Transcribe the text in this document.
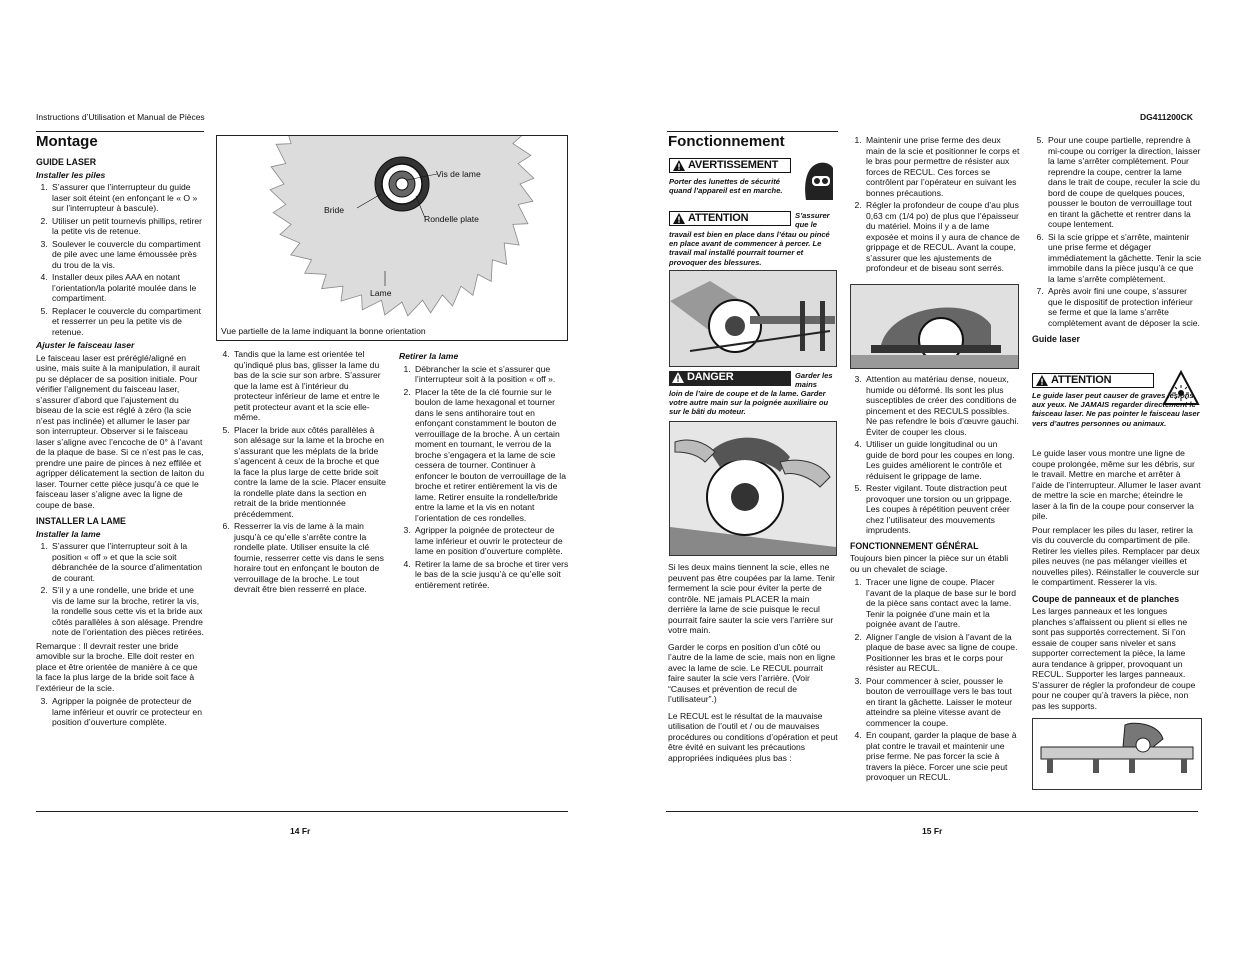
Instructions d’Utilisation et Manual de Pièces	DG411200CK
Montage
GUIDE LASER
Installer les piles
1. S’assurer que l’interrupteur du guide laser soit éteint (en enfonçant le « O » sur l’interrupteur à bascule).
2. Utiliser un petit tournevis phillips, retirer la petite vis de retenue.
3. Soulever le couvercle du compartiment de pile avec une lame émoussée près du trou de la vis.
4. Installer deux piles AAA en notant l’orientation/la polarité moulée dans le compartiment.
5. Replacer le couvercle du compartiment et resserrer un peu la petite vis de retenue.
Ajuster le faisceau laser

Le faisceau laser est préréglé/aligné en usine, mais suite à la manipulation, il aurait pu se déplacer de sa position initiale. Pour vérifier l’alignement du faisceau laser, s’assurer d’abord que l’ajustement du biseau de la scie est réglé à zéro (la scie n’est pas inclinée) et allumer le laser par son interrupteur. Observer si le faisceau laser s’aligne avec l’encoche de 0° à l’avant de la plaque de base. Si ce n’est pas le cas, prendre une paire de pinces à nez effilée et agripper délicatement la section de laiton du laser. Tourner cette pièce jusqu’à ce que le faisceau laser s’aligne avec la ligne de coupe de base.

INSTALLER LA LAME
Installer la lame
1. S’assurer que l’interrupteur soit à la position « off » et que la scie soit débranchée de la source d’alimentation de courant.
2. S’il y a une rondelle, une bride et une vis de lame sur la broche, retirer la vis, la rondelle sous cette vis et la bride aux côtés parallèles à son alésage. Prendre note de l’orientation des pièces retirées.

Remarque : Il devrait rester une bride amovible sur la broche. Elle doit rester en place et être orientée de manière à ce que la face la plus large de la bride soit face à l’extérieur de la scie.

3. Agripper la poignée de protecteur de lame inférieur et ouvrir ce protecteur en position d’ouverture complète.
Vis de lame
Bride
Rondelle plate
Lame
Vue partielle de la lame indiquant la bonne orientation
4. Tandis que la lame est orientée tel qu’indiqué plus bas, glisser la lame du bas de la scie sur son arbre. S’assurer que la lame est à l’intérieur du protecteur inférieur de lame et entre le petit protecteur avant et la scie elle-même.
5. Placer la bride aux côtés parallèles à son alésage sur la lame et la broche en s’assurant que les méplats de la bride s’agencent à ceux de la broche et que la face la plus large de cette bride soit contre la lame de la scie. Placer ensuite la rondelle plate dans la section en retrait de la bride mentionnée précédemment.
6. Resserrer la vis de lame à la main jusqu’à ce qu’elle s’arrête contre la rondelle plate. Utiliser ensuite la clé fournie, resserrer cette vis dans le sens horaire tout en enfonçant le bouton de verrouillage de la broche. Le tout devrait être bien resserré en place.
Retirer la lame
1. Débrancher la scie et s’assurer que l’interrupteur soit à la position « off ».
2. Placer la tête de la clé fournie sur le boulon de lame hexagonal et tourner dans le sens antihoraire tout en enfonçant constamment le bouton de verrouillage de la broche. À un certain moment en tournant, le verrou de la broche s’engagera et la lame de scie cessera de tourner. Continuer à enfoncer le bouton de verrouillage de la broche et retirer entièrement la vis de lame. Retirer ensuite la rondelle/bride entre la lame et la vis en notant l’orientation de ces rondelles.
3. Agripper la poignée de protecteur de lame inférieur et ouvrir le protecteur de lame en position d’ouverture complète.
4. Retirer la lame de sa broche et tirer vers le bas de la scie jusqu’à ce qu’elle soit entièrement retirée.
14 Fr
Fonctionnement
AVERTISSEMENT
Porter des lunettes de sécurité quand l’appareil est en marche.
ATTENTION	S’assurer que le
travail est bien en place dans l’étau ou pincé en place avant de commencer à percer. Le travail mal installé pourrait tourner et provoquer des blessures.
DANGER	Garder les mains
loin de l’aire de coupe et de la lame. Garder votre autre main sur la poignée auxiliaire ou sur le bâti du moteur.

Si les deux mains tiennent la scie, elles ne peuvent pas être coupées par la lame. Tenir fermement la scie pour éviter la perte de contrôle. NE jamais PLACER la main derrière la lame de scie puisque le recul pourrait faire sauter la scie vers l’arrière sur votre main.

Garder le corps en position d’un côté ou l’autre de la lame de scie, mais non en ligne avec la lame de scie. Le RECUL pourrait faire sauter la scie vers l’arrière. (Voir “Causes et prévention de recul de l’utilisateur”.)

Le RECUL est le résultat de la mauvaise utilisation de l’outil et / ou de mauvaises procédures ou conditions d’opération et peut être évité en suivant les précautions appropriées indiquées plus bas :

1. Maintenir une prise ferme des deux main de la scie et positionner le corps et le bras pour permettre de résister aux forces de RECUL. Ces forces se contrôlent par l’opérateur en suivant les bonnes précautions.
2. Régler la profondeur de coupe d’au plus 0,63 cm (1/4 po) de plus que l’épaisseur du matériel. Moins il y a de lame exposée et moins il y aura de chance de grippage et de RECUL. Avant la coupe, s’assurer que les ajustements de profondeur et de biseau sont serrés.
3. Attention au matériau dense, noueux, humide ou déformé. Ils sont les plus susceptibles de créer des conditions de pincement et des RECULS possibles. Ne pas refendre le bois d’œuvre gauchi. Éviter de couper les clous.
4. Utiliser un guide longitudinal ou un guide de bord pour les coupes en long. Les guides améliorent le contrôle et réduisent le grippage de lame.
5. Rester vigilant. Toute distraction peut provoquer une torsion ou un grippage. Les coupes à répétition peuvent créer chez l’utilisateur des mouvements imprudents.
FONCTIONNEMENT GÉNÉRAL

Toujours bien pincer la pièce sur un établi ou un chevalet de sciage.

1. Tracer une ligne de coupe. Placer l’avant de la plaque de base sur le bord de la pièce sans contact avec la lame. Tenir la poignée d’une main et la poignée avant de l’autre.
2. Aligner l’angle de vision à l’avant de la plaque de base avec sa ligne de coupe. Positionner les bras et le corps pour résister au RECUL.
3. Pour commencer à scier, pousser le bouton de verrouillage vers le bas tout en tirant la gâchette. Laisser le moteur atteindre sa pleine vitesse avant de commencer la coupe.
4. En coupant, garder la plaque de base à plat contre le travail et maintenir une prise ferme. Ne pas forcer la scie à travers la pièce. Forcer une scie peut provoquer un RECUL.
5. Pour une coupe partielle, reprendre à mi-coupe ou corriger la direction, laisser la lame s’arrêter complètement. Pour reprendre la coupe, centrer la lame dans le trait de coupe, reculer la scie du bord de coupe de quelques pouces, pousser le bouton de verrouillage tout en tirant la gâchette et rentrer dans la coupe lentement.
6. Si la scie grippe et s’arrête, maintenir une prise ferme et dégager immédiatement la gâchette. Tenir la scie immobile dans la pièce jusqu’à ce que la lame s’arrête complètement.
7. Après avoir fini une coupe, s’assurer que le dispositif de protection inférieur se ferme et que la lame s’arrête complètement avant de déposer la scie.
Guide laser
ATTENTION
Le guide laser peut causer de graves lésions aux yeux. Ne JAMAIS regarder directement le faisceau laser. Ne pas pointer le faisceau laser vers d’autres personnes ou animaux.

Le guide laser vous montre une ligne de coupe prolongée, même sur les débris, sur le travail. Mettre en marche et arrêter à l’aide de l’interrupteur. Allumer le laser avant de mettre la scie en marche; éteindre le laser à la fin de la coupe pour conserver la pile.

Pour remplacer les piles du laser, retirer la vis du couvercle du compartiment de pile. Retirer les vielles piles. Remplacer par deux piles neuves (ne pas mélanger vieilles et nouvelles piles). Réinstaller le couvercle sur le compartiment. Resserer la vis.

Coupe de panneaux et de planches

Les larges panneaux et les longues planches s’affaissent ou plient si elles ne sont pas supportés correctement. Si l’on essaie de couper sans niveler et sans supporter correctement la pièce, la lame aura tendance à gripper, provoquant un RECUL. Supporter les larges panneaux. S’assurer de régler la profondeur de coupe pour ne couper qu’à travers la pièce, non pas les supports.

15 Fr
